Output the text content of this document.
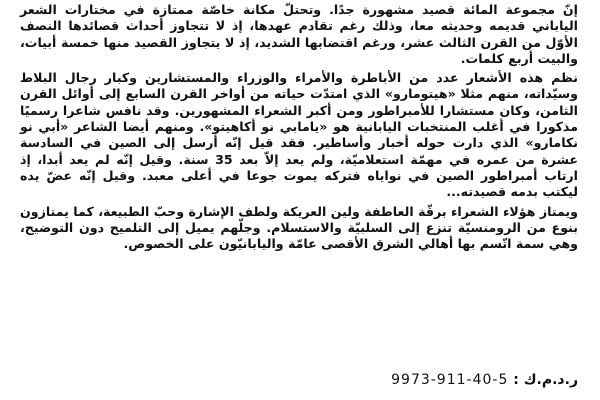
إنّ مجموعة المائة قصيد مشهورة جدًا. وتحتلّ مكانة خاصّة ممتازة في مختارات الشعر الياباني قديمه وحديثه معا، وذلك رغم تقادم عهدها، إذ لا تتجاوز أحداث قصائدها النصف الأوّل من القرن الثالث عشر، ورغم اقتضابها الشديد، إذ لا يتجاوز القصيد منها خمسة أبيات، والبيت أربع كلمات.

نظم هذه الأشعار عدد من الأباطرة والأمراء والوزراء والمستشارين وكبار رجال البلاط وسيّداته، منهم مثلا «هيتومارو» الذي امتدّت حياته من أواخر القرن السابع إلى أوائل القرن الثامن، وكان مستشارا للأمبراطور ومن أكبر الشعراء المشهورين. وقد نافس شاعرا رسميًا مذكورا في أغلب المنتخبات اليابانية هو «يامابي نو أكاهيتو». ومنهم أيضا الشاعر «أبي نو نكامارو» الذي دارت حوله أخبار وأساطير. فقد قيل إنّه أرسل إلى الصين في السادسة عشرة من عمره في مهمّة استعلاميّة، ولم يعد إلاّ بعد 35 سنة. وقيل إنّه لم يعد أبدا، إذ ارتاب أمبراطور الصين في نواياه فتركه يموت جوعا في أعلى معبد. وقيل إنّه عضّ يده ليكتب بدمه قصيدته...

ويمتاز هؤلاء الشعراء برقّة العاطفة ولين العريكة ولطف الإشارة وحبّ الطبيعة، كما يمتازون بنوع من الرومنسيّة تنزع إلى السلبيّة والاستسلام. وجلّهم يميل إلى التلميح دون التوضيح، وهي سمة اتّسم بها أهالي الشرق الأقصى عامّة واليابانيّون على الخصوص.

ر.د.م.ك : 9973-911-40-5
